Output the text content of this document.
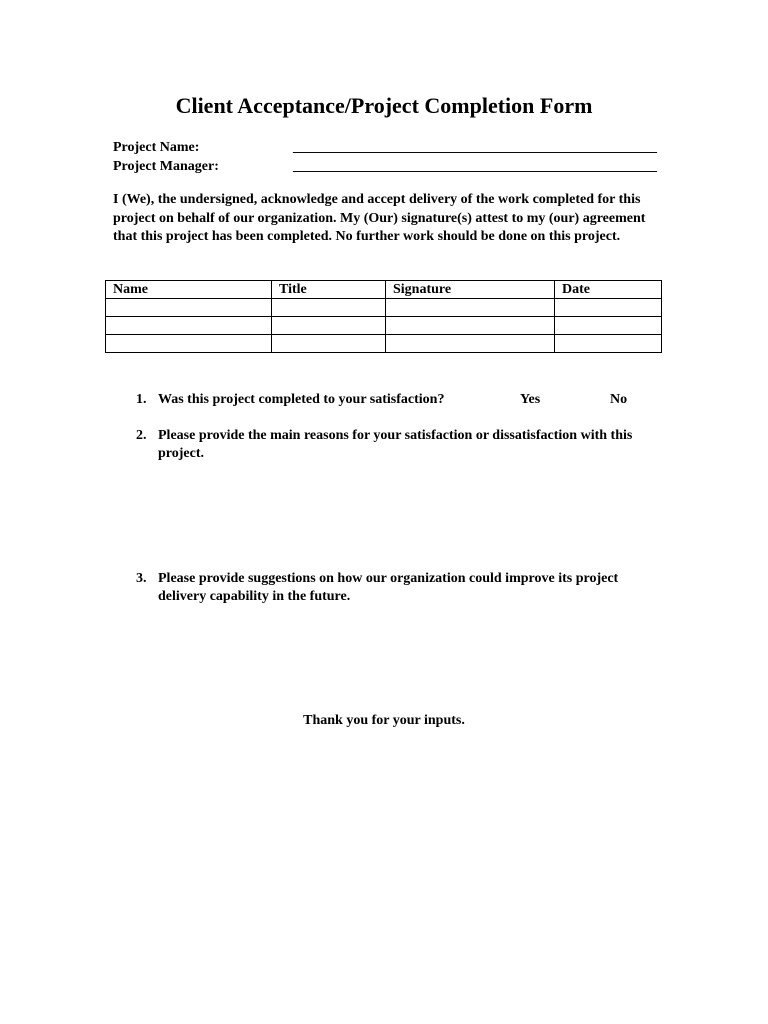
Client Acceptance/Project Completion Form
Project Name:	____________________________________________________
Project Manager:	____________________________________________________

I (We), the undersigned, acknowledge and accept delivery of the work completed for this project on behalf of our organization. My (Our) signature(s) attest to my (our) agreement that this project has been completed. No further work should be done on this project.

Name	Title	Signature	Date

1. Was this project completed to your satisfaction?	Yes	No
2. Please provide the main reasons for your satisfaction or dissatisfaction with this project.
3. Please provide suggestions on how our organization could improve its project delivery capability in the future.
Thank you for your inputs.
